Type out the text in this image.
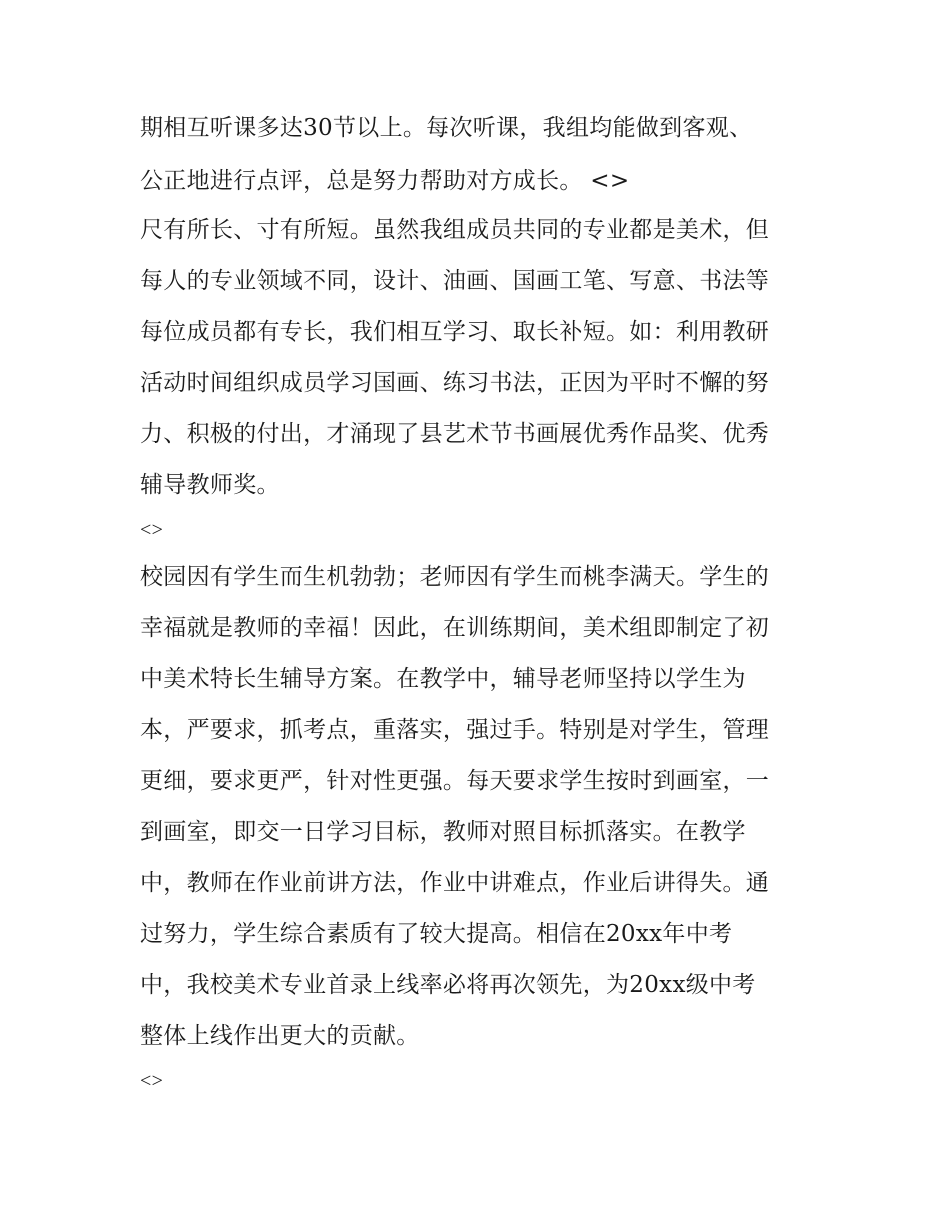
期相互听课多达30节以上。每次听课，我组均能做到客观、
公正地进行点评，总是努力帮助对方成长。 <>
尺有所长、寸有所短。虽然我组成员共同的专业都是美术，但
每人的专业领域不同，设计、油画、国画工笔、写意、书法等
每位成员都有专长，我们相互学习、取长补短。如：利用教研
活动时间组织成员学习国画、练习书法，正因为平时不懈的努
力、积极的付出，才涌现了县艺术节书画展优秀作品奖、优秀
辅导教师奖。
<>
校园因有学生而生机勃勃；老师因有学生而桃李满天。学生的
幸福就是教师的幸福！因此，在训练期间，美术组即制定了初
中美术特长生辅导方案。在教学中，辅导老师坚持以学生为
本，严要求，抓考点，重落实，强过手。特别是对学生，管理
更细，要求更严，针对性更强。每天要求学生按时到画室，一
到画室，即交一日学习目标，教师对照目标抓落实。在教学
中，教师在作业前讲方法，作业中讲难点，作业后讲得失。通
过努力，学生综合素质有了较大提高。相信在20xx年中考
中，我校美术专业首录上线率必将再次领先，为20xx级中考
整体上线作出更大的贡献。
<>
